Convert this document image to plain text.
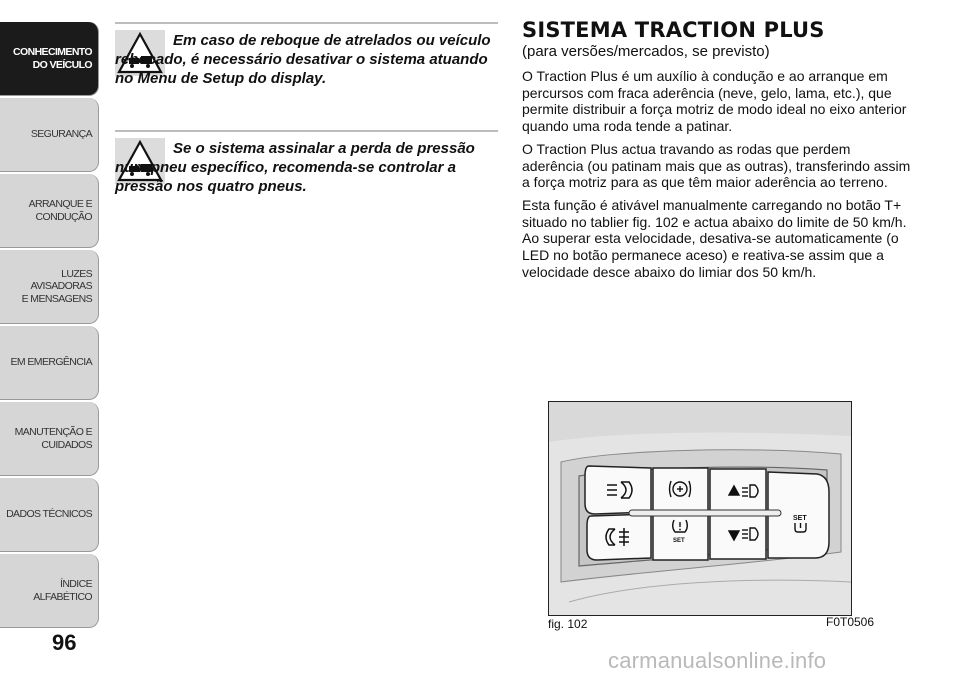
CONHECIMENTO
DO VEÍCULO
SEGURANÇA
ARRANQUE E
CONDUÇÃO
LUZES AVISADORAS
E MENSAGENS
EM EMERGÊNCIA
MANUTENÇÃO E
CUIDADOS
DADOS TÉCNICOS
ÍNDICE ALFABÉTICO
96
Em caso de reboque de atrelados ou veículo rebocado, é necessário desativar o sistema atuando no Menu de Setup do display.
Se o sistema assinalar a perda de pressão num pneu específico, recomenda-se controlar a pressão nos quatro pneus.
SISTEMA TRACTION PLUS
(para versões/mercados, se previsto)

O Traction Plus é um auxílio à condução e ao arranque em percursos com fraca aderência (neve, gelo, lama, etc.), que permite distribuir a força motriz de modo ideal no eixo anterior quando uma roda tende a patinar.

O Traction Plus actua travando as rodas que perdem aderência (ou patinam mais que as outras), transferindo assim a força motriz para as que têm maior aderência ao terreno.

Esta função é ativável manualmente carregando no botão T+ situado no tablier fig. 102 e actua abaixo do limite de 50 km/h. Ao superar esta velocidade, desativa-se automaticamente (o LED no botão permanece aceso) e reativa-se assim que a velocidade desce abaixo do limiar dos 50 km/h.

SET
SET
fig. 102	F0T0506
carmanualsonline.info
